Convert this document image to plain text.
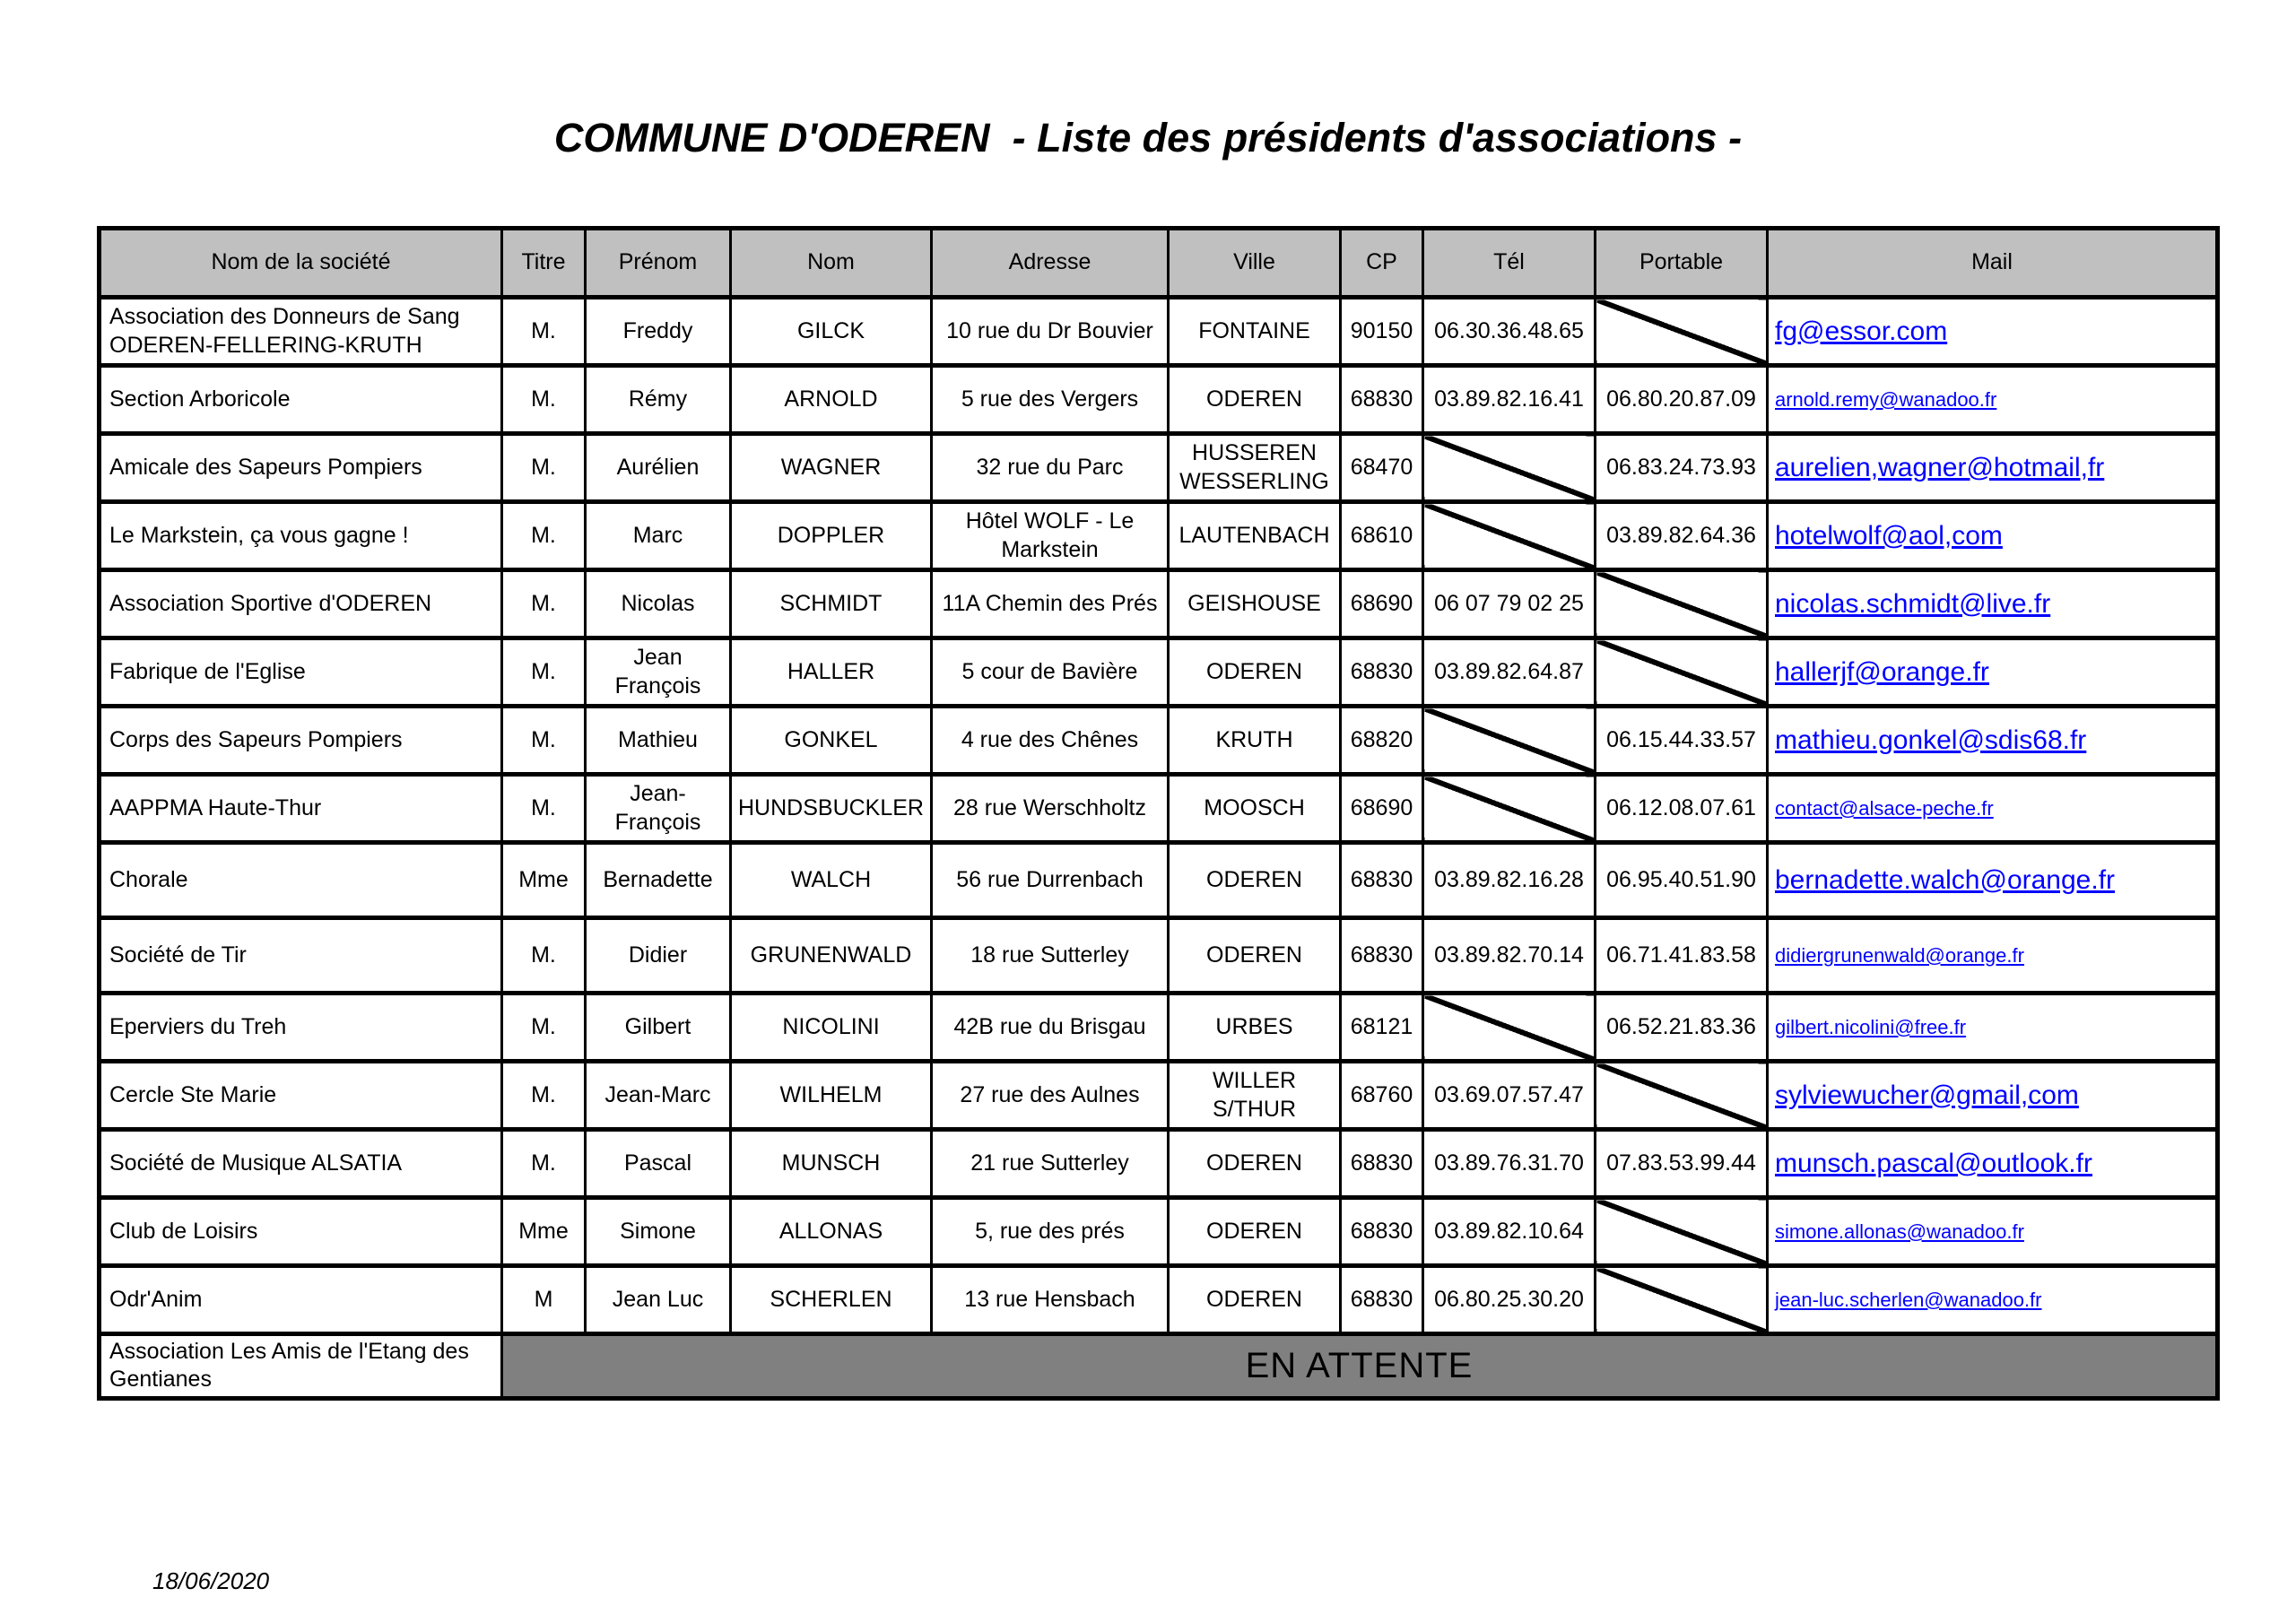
COMMUNE D'ODEREN  - Liste des présidents d'associations -
Nom de la société	Titre	Prénom	Nom	Adresse	Ville	CP	Tél	Portable	Mail
Association des Donneurs de Sang ODEREN-FELLERING-KRUTH	M.	Freddy	GILCK	10 rue du Dr Bouvier	FONTAINE	90150	06.30.36.48.65		fg@essor.com
Section Arboricole	M.	Rémy	ARNOLD	5 rue des Vergers	ODEREN	68830	03.89.82.16.41	06.80.20.87.09	arnold.remy@wanadoo.fr
Amicale des Sapeurs Pompiers	M.	Aurélien	WAGNER	32 rue du Parc	HUSSEREN WESSERLING	68470		06.83.24.73.93	aurelien,wagner@hotmail,fr
Le Markstein, ça vous gagne !	M.	Marc	DOPPLER	Hôtel WOLF - Le Markstein	LAUTENBACH	68610		03.89.82.64.36	hotelwolf@aol,com
Association Sportive d'ODEREN	M.	Nicolas	SCHMIDT	11A Chemin des Prés	GEISHOUSE	68690	06 07 79 02 25		nicolas.schmidt@live.fr
Fabrique de l'Eglise	M.	Jean François	HALLER	5 cour de Bavière	ODEREN	68830	03.89.82.64.87		hallerjf@orange.fr
Corps des Sapeurs Pompiers	M.	Mathieu	GONKEL	4 rue des Chênes	KRUTH	68820		06.15.44.33.57	mathieu.gonkel@sdis68.fr
AAPPMA Haute-Thur	M.	Jean-François	HUNDSBUCKLER	28 rue Werschholtz	MOOSCH	68690		06.12.08.07.61	contact@alsace-peche.fr
Chorale	Mme	Bernadette	WALCH	56 rue Durrenbach	ODEREN	68830	03.89.82.16.28	06.95.40.51.90	bernadette.walch@orange.fr
Société de Tir	M.	Didier	GRUNENWALD	18 rue Sutterley	ODEREN	68830	03.89.82.70.14	06.71.41.83.58	didiergrunenwald@orange.fr
Eperviers du Treh	M.	Gilbert	NICOLINI	42B rue du Brisgau	URBES	68121		06.52.21.83.36	gilbert.nicolini@free.fr
Cercle Ste Marie	M.	Jean-Marc	WILHELM	27 rue des Aulnes	WILLER S/THUR	68760	03.69.07.57.47		sylviewucher@gmail,com
Société de Musique ALSATIA	M.	Pascal	MUNSCH	21 rue Sutterley	ODEREN	68830	03.89.76.31.70	07.83.53.99.44	munsch.pascal@outlook.fr
Club de Loisirs	Mme	Simone	ALLONAS	5, rue des prés	ODEREN	68830	03.89.82.10.64		simone.allonas@wanadoo.fr
Odr'Anim	M	Jean Luc	SCHERLEN	13 rue Hensbach	ODEREN	68830	06.80.25.30.20		jean-luc.scherlen@wanadoo.fr
Association Les Amis de l'Etang des Gentianes	EN ATTENTE								
18/06/2020
